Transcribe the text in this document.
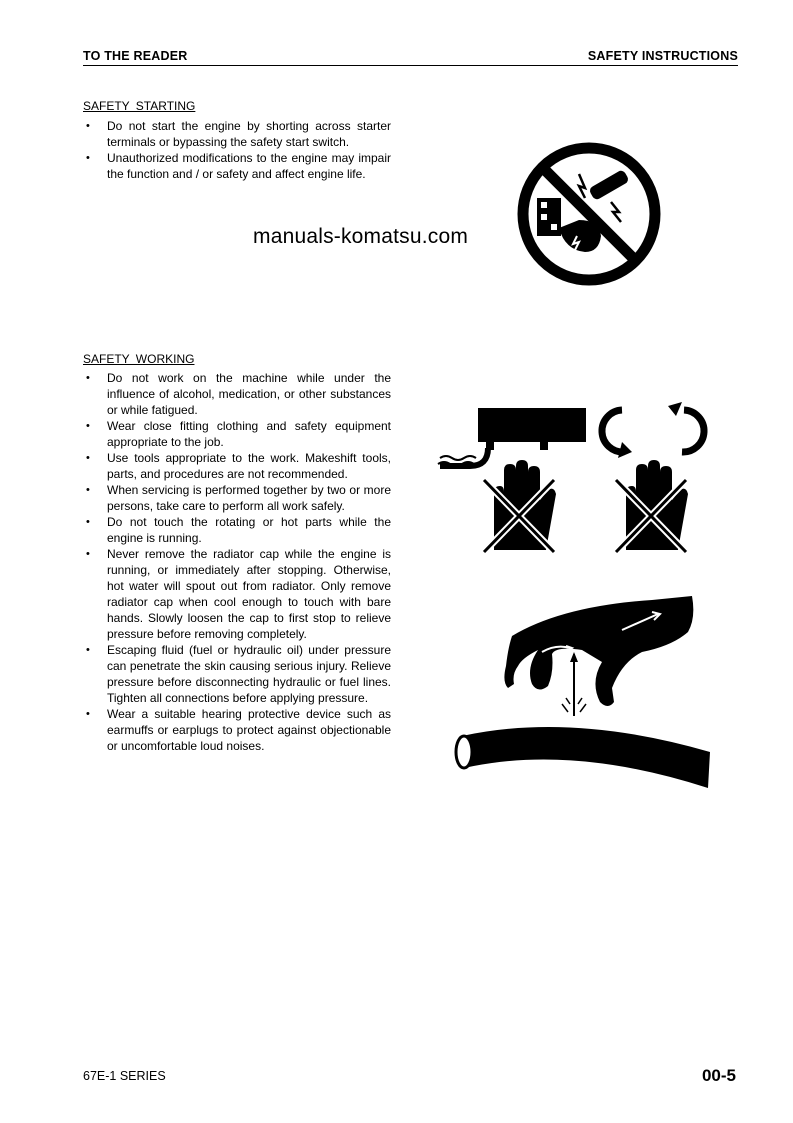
TO THE READER	SAFETY INSTRUCTIONS
SAFETY STARTING
• Do not start the engine by shorting across starter terminals or bypassing the safety start switch.
• Unauthorized modifications to the engine may impair the function and / or safety and affect engine life.
manuals-komatsu.com
SAFETY WORKING
• Do not work on the machine while under the influence of alcohol, medication, or other substances or while fatigued.
• Wear close fitting clothing and safety equipment appropriate to the job.
• Use tools appropriate to the work. Makeshift tools, parts, and procedures are not recommended.
• When servicing is performed together by two or more persons, take care to perform all work safely.
• Do not touch the rotating or hot parts while the engine is running.
• Never remove the radiator cap while the engine is running, or immediately after stopping. Otherwise, hot water will spout out from radiator. Only remove radiator cap when cool enough to touch with bare hands. Slowly loosen the cap to first stop to relieve pressure before removing completely.
• Escaping fluid (fuel or hydraulic oil) under pressure can penetrate the skin causing serious injury. Relieve pressure before disconnecting hydraulic or fuel lines. Tighten all connections before applying pressure.
• Wear a suitable hearing protective device such as earmuffs or earplugs to protect against objectionable or uncomfortable loud noises.
67E-1 SERIES	00-5
